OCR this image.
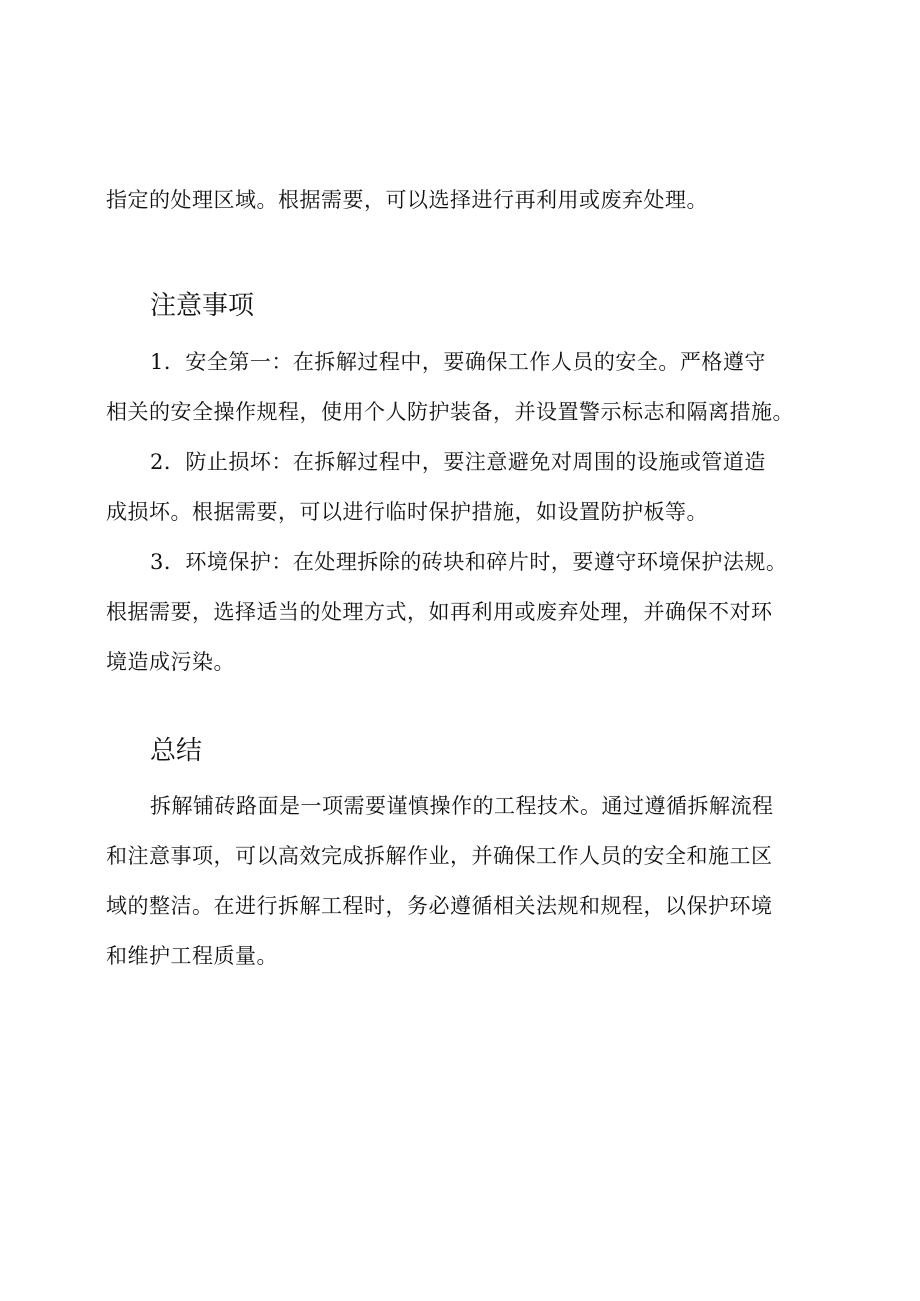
指定的处理区域。根据需要，可以选择进行再利用或废弃处理。
注意事项
1．安全第一：在拆解过程中，要确保工作人员的安全。严格遵守
相关的安全操作规程，使用个人防护装备，并设置警示标志和隔离措施。
2．防止损坏：在拆解过程中，要注意避免对周围的设施或管道造
成损坏。根据需要，可以进行临时保护措施，如设置防护板等。
3．环境保护：在处理拆除的砖块和碎片时，要遵守环境保护法规。
根据需要，选择适当的处理方式，如再利用或废弃处理，并确保不对环
境造成污染。
总结
拆解铺砖路面是一项需要谨慎操作的工程技术。通过遵循拆解流程
和注意事项，可以高效完成拆解作业，并确保工作人员的安全和施工区
域的整洁。在进行拆解工程时，务必遵循相关法规和规程，以保护环境
和维护工程质量。
